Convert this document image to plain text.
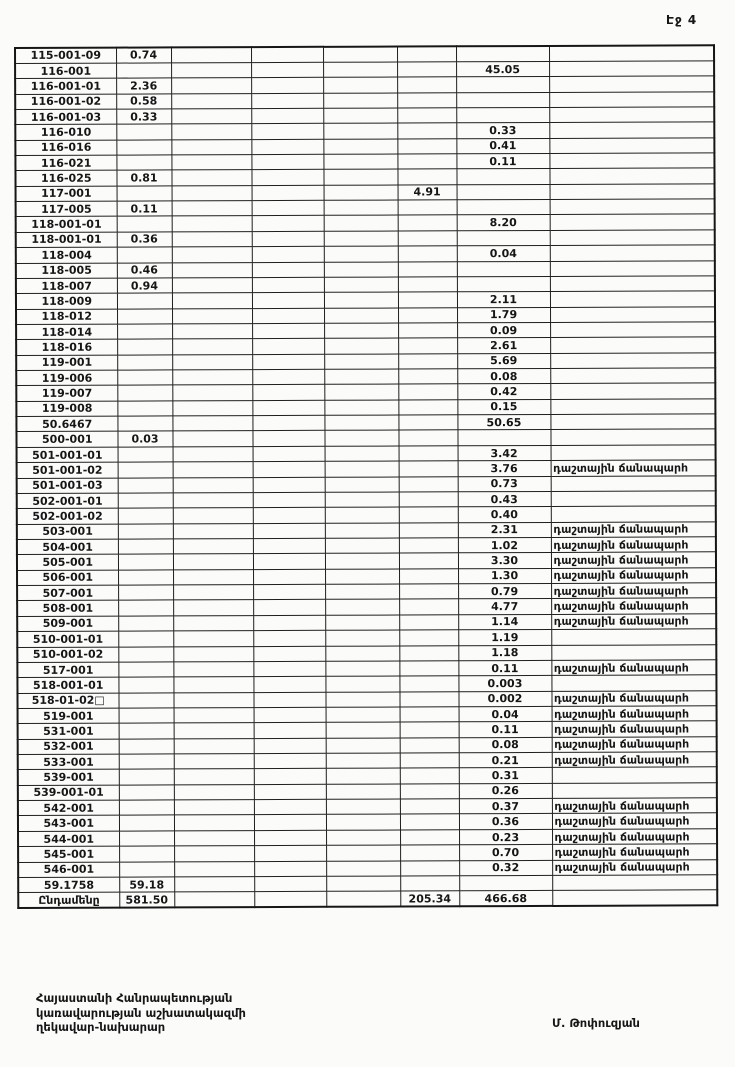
Էջ 4
115-001-09	0.74						
116-001						45.05	
116-001-01	2.36						
116-001-02	0.58						
116-001-03	0.33						
116-010						0.33	
116-016						0.41	
116-021						0.11	
116-025	0.81						
117-001					4.91		
117-005	0.11						
118-001-01						8.20	
118-001-01	0.36						
118-004						0.04	
118-005	0.46						
118-007	0.94						
118-009						2.11	
118-012						1.79	
118-014						0.09	
118-016						2.61	
119-001						5.69	
119-006						0.08	
119-007						0.42	
119-008						0.15	
50.6467						50.65	
500-001	0.03						
501-001-01						3.42	
501-001-02						3.76	դաշտային ճանապարհ
501-001-03						0.73	
502-001-01						0.43	
502-001-02						0.40	
503-001						2.31	դաշտային ճանապարհ
504-001						1.02	դաշտային ճանապարհ
505-001						3.30	դաշտային ճանապարհ
506-001						1.30	դաշտային ճանապարհ
507-001						0.79	դաշտային ճանապարհ
508-001						4.77	դաշտային ճանապարհ
509-001						1.14	դաշտային ճանապարհ
510-001-01						1.19	
510-001-02						1.18	
517-001						0.11	դաշտային ճանապարհ
518-001-01						0.003	
518-01-02□						0.002	դաշտային ճանապարհ
519-001						0.04	դաշտային ճանապարհ
531-001						0.11	դաշտային ճանապարհ
532-001						0.08	դաշտային ճանապարհ
533-001						0.21	դաշտային ճանապարհ
539-001						0.31	
539-001-01						0.26	
542-001						0.37	դաշտային ճանապարհ
543-001						0.36	դաշտային ճանապարհ
544-001						0.23	դաշտային ճանապարհ
545-001						0.70	դաշտային ճանապարհ
546-001						0.32	դաշտային ճանապարհ
59.1758	59.18						
Ընդամենը	581.50				205.34	466.68	
Հայաստանի Հանրապետության
կառավարության աշխատակազմի
ղեկավար-նախարար	Մ. Թոփուզյան
